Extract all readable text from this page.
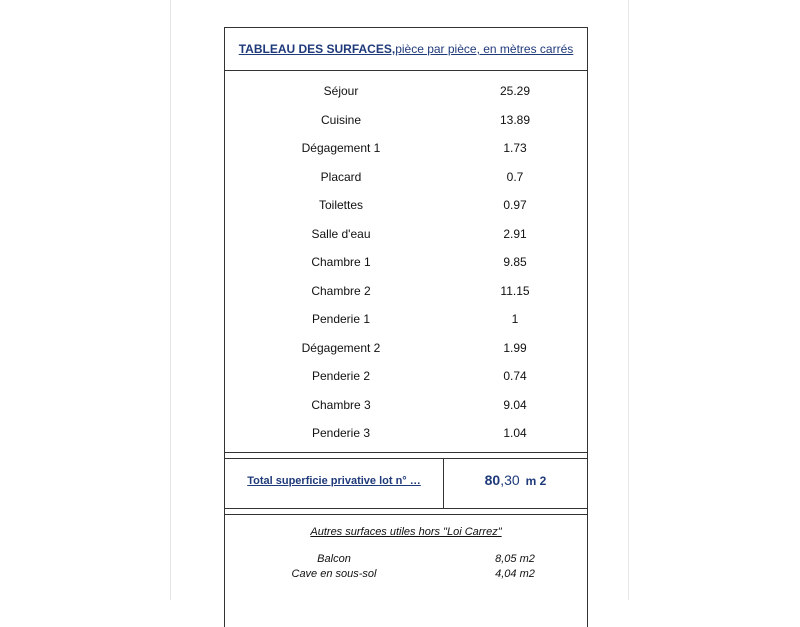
TABLEAU DES SURFACES, pièce par pièce, en mètres carrés
Séjour	25.29
Cuisine	13.89
Dégagement 1	1.73
Placard	0.7
Toilettes	0.97
Salle d'eau	2.91
Chambre 1	9.85
Chambre 2	11.15
Penderie 1	1
Dégagement 2	1.99
Penderie 2	0.74
Chambre 3	9.04
Penderie 3	1.04
Total superficie privative lot n° …	80,30 m 2
Autres surfaces utiles hors "Loi Carrez"
Balcon	8,05 m2
Cave en sous-sol	4,04 m2
